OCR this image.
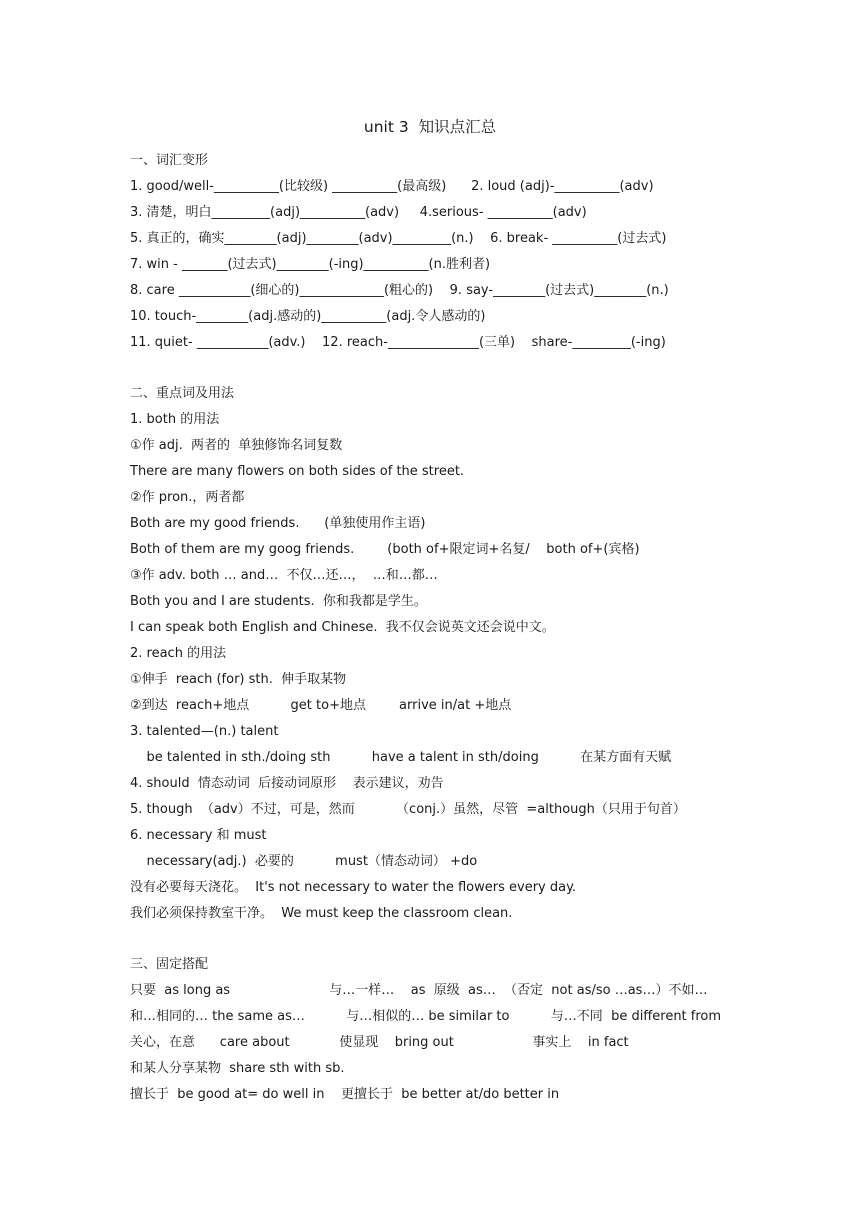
unit 3  知识点汇总
一、词汇变形
1. good/well-__________(比较级) __________(最高级)      2. loud (adj)-__________(adv)
3. 清楚，明白_________(adj)__________(adv)     4.serious- __________(adv)
5. 真正的，确实________(adj)________(adv)_________(n.)    6. break- __________(过去式)
7. win - _______(过去式)________(-ing)__________(n.胜利者)
8. care ___________(细心的)_____________(粗心的)    9. say-________(过去式)________(n.)
10. touch-________(adj.感动的)__________(adj.令人感动的)
11. quiet- ___________(adv.)    12. reach-______________(三单)    share-_________(-ing)
二、重点词及用法
1. both 的用法
①作 adj.  两者的  单独修饰名词复数
There are many flowers on both sides of the street.
②作 pron.，两者都
Both are my good friends.      (单独使用作主语)
Both of them are my goog friends.        (both of+限定词+名复/    both of+(宾格)
③作 adv. both … and…  不仅…还…，  …和…都…
Both you and I are students.  你和我都是学生。
I can speak both English and Chinese.  我不仅会说英文还会说中文。
2. reach 的用法
①伸手  reach (for) sth.  伸手取某物
②到达  reach+地点          get to+地点        arrive in/at +地点
3. talented—(n.) talent
be talented in sth./doing sth          have a talent in sth/doing          在某方面有天赋
4. should  情态动词  后接动词原形    表示建议，劝告
5. though  （adv）不过，可是，然而          （conj.）虽然，尽管  =although（只用于句首）
6. necessary 和 must
necessary(adj.)  必要的          must（情态动词） +do
没有必要每天浇花。  It's not necessary to water the flowers every day.
我们必须保持教室干净。  We must keep the classroom clean.
三、固定搭配
只要  as long as                        与…一样…    as  原级  as…  （否定  not as/so …as…）不如…
和…相同的… the same as…          与…相似的… be similar to          与…不同  be different from
关心，在意      care about            使显现    bring out                   事实上    in fact
和某人分享某物  share sth with sb.
擅长于  be good at= do well in    更擅长于  be better at/do better in
